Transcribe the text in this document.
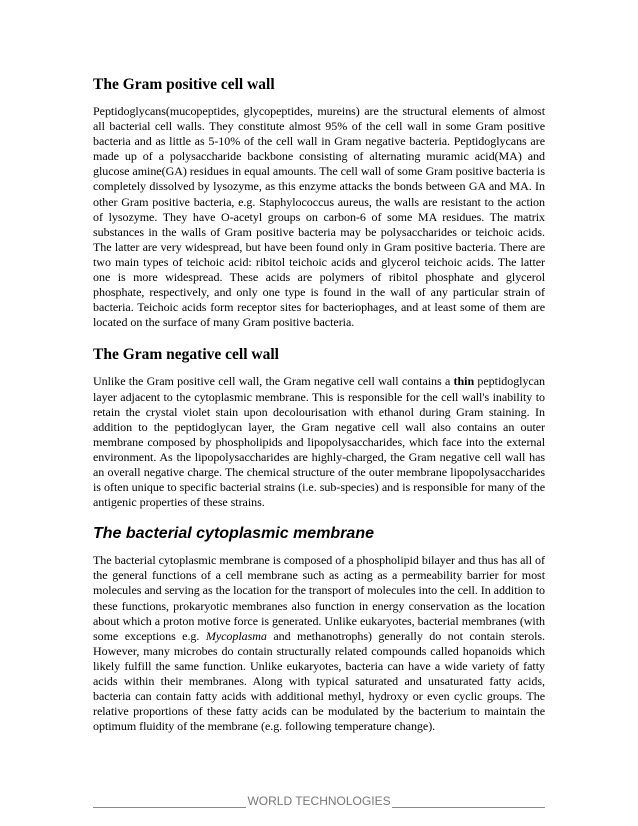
The Gram positive cell wall

Peptidoglycans(mucopeptides, glycopeptides, mureins) are the structural elements of almost all bacterial cell walls. They constitute almost 95% of the cell wall in some Gram positive bacteria and as little as 5-10% of the cell wall in Gram negative bacteria. Peptidoglycans are made up of a polysaccharide backbone consisting of alternating muramic acid(MA) and glucose amine(GA) residues in equal amounts. The cell wall of some Gram positive bacteria is completely dissolved by lysozyme, as this enzyme attacks the bonds between GA and MA. In other Gram positive bacteria, e.g. Staphylococcus aureus, the walls are resistant to the action of lysozyme. They have O-acetyl groups on carbon-6 of some MA residues. The matrix substances in the walls of Gram positive bacteria may be polysaccharides or teichoic acids. The latter are very widespread, but have been found only in Gram positive bacteria. There are two main types of teichoic acid: ribitol teichoic acids and glycerol teichoic acids. The latter one is more widespread. These acids are polymers of ribitol phosphate and glycerol phosphate, respectively, and only one type is found in the wall of any particular strain of bacteria. Teichoic acids form receptor sites for bacteriophages, and at least some of them are located on the surface of many Gram positive bacteria.

The Gram negative cell wall

Unlike the Gram positive cell wall, the Gram negative cell wall contains a thin peptidoglycan layer adjacent to the cytoplasmic membrane. This is responsible for the cell wall's inability to retain the crystal violet stain upon decolourisation with ethanol during Gram staining. In addition to the peptidoglycan layer, the Gram negative cell wall also contains an outer membrane composed by phospholipids and lipopolysaccharides, which face into the external environment. As the lipopolysaccharides are highly-charged, the Gram negative cell wall has an overall negative charge. The chemical structure of the outer membrane lipopolysaccharides is often unique to specific bacterial strains (i.e. sub-species) and is responsible for many of the antigenic properties of these strains.

The bacterial cytoplasmic membrane

The bacterial cytoplasmic membrane is composed of a phospholipid bilayer and thus has all of the general functions of a cell membrane such as acting as a permeability barrier for most molecules and serving as the location for the transport of molecules into the cell. In addition to these functions, prokaryotic membranes also function in energy conservation as the location about which a proton motive force is generated. Unlike eukaryotes, bacterial membranes (with some exceptions e.g. Mycoplasma and methanotrophs) generally do not contain sterols. However, many microbes do contain structurally related compounds called hopanoids which likely fulfill the same function. Unlike eukaryotes, bacteria can have a wide variety of fatty acids within their membranes. Along with typical saturated and unsaturated fatty acids, bacteria can contain fatty acids with additional methyl, hydroxy or even cyclic groups. The relative proportions of these fatty acids can be modulated by the bacterium to maintain the optimum fluidity of the membrane (e.g. following temperature change).

WORLD TECHNOLOGIES
